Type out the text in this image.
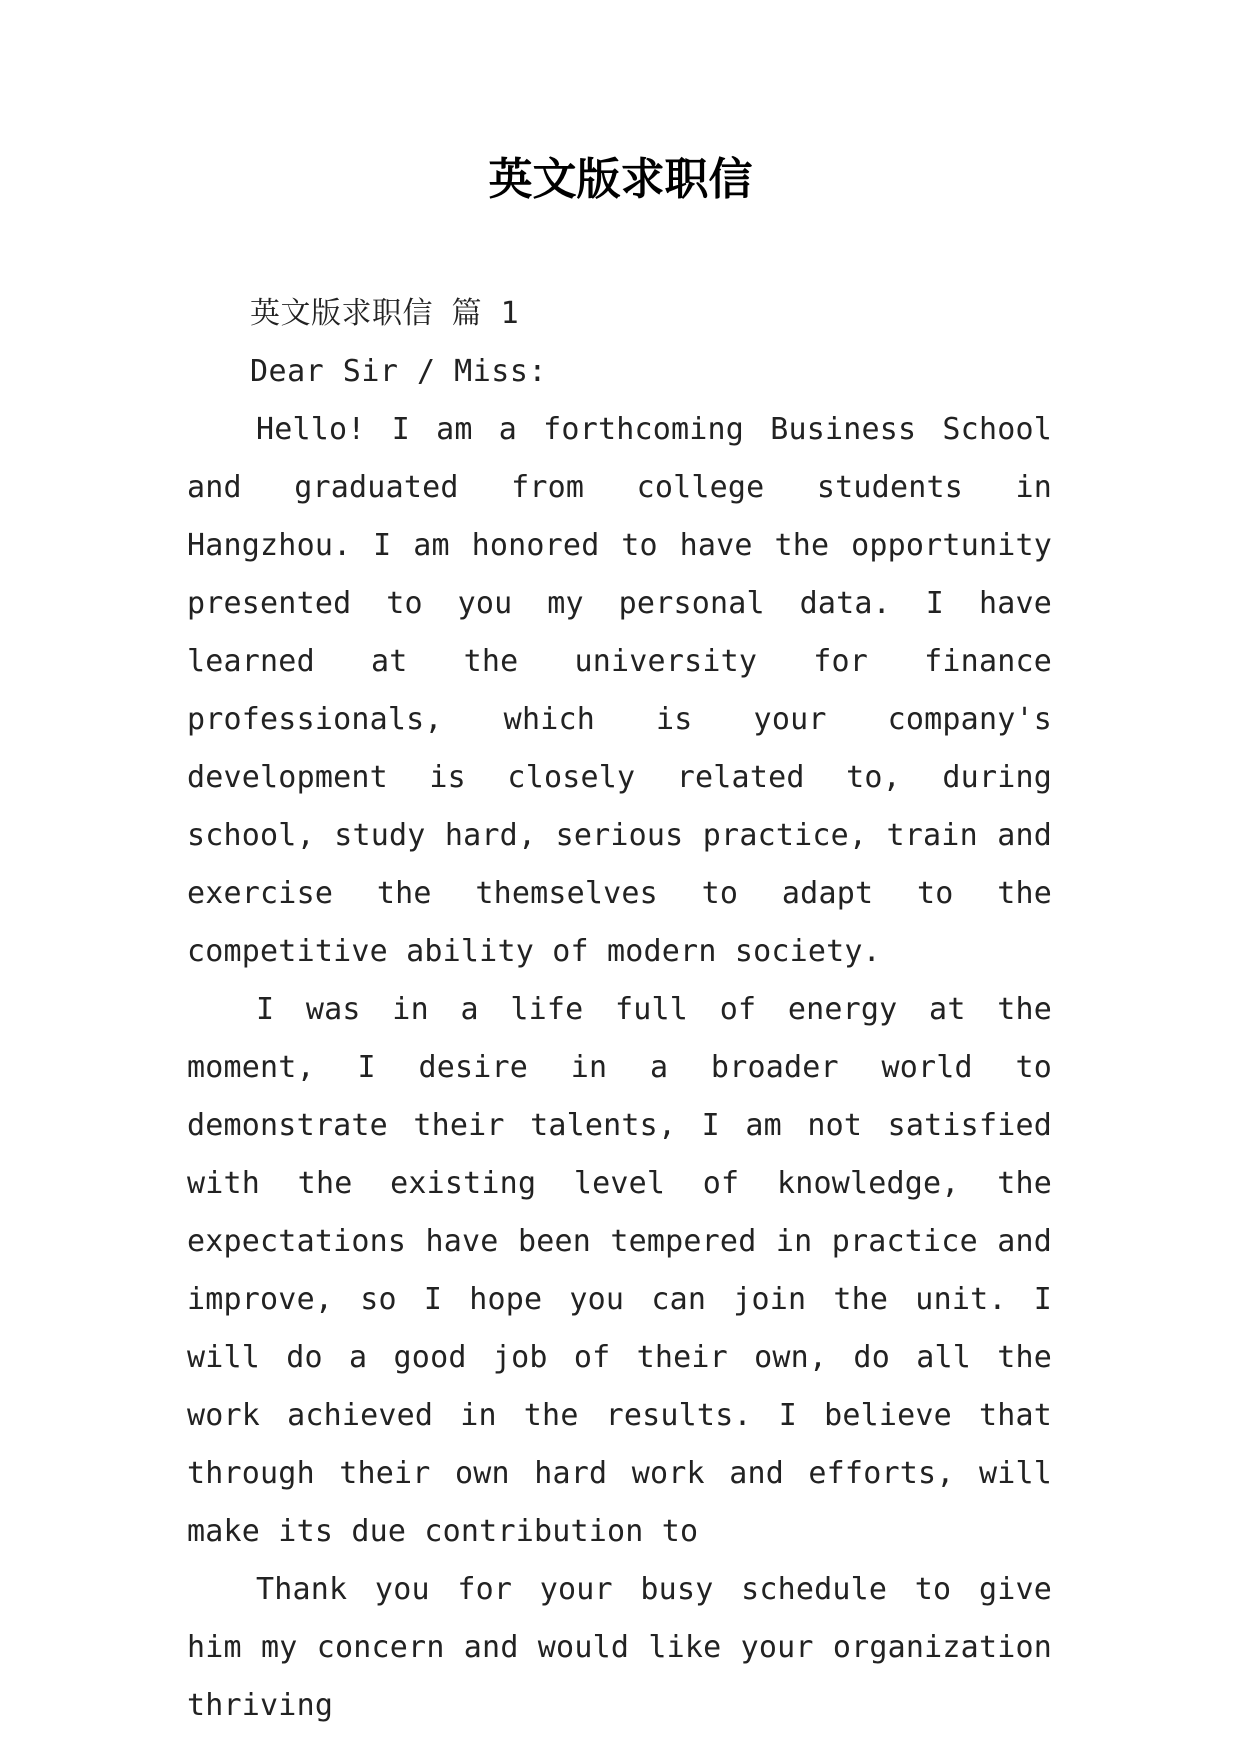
英文版求职信

英文版求职信 篇 1

Dear Sir / Miss:

Hello! I am a forthcoming Business School and graduated from college students in Hangzhou. I am honored to have the opportunity presented to you my personal data. I have learned at the university for finance professionals, which is your company's development is closely related to, during school, study hard, serious practice, train and exercise the themselves to adapt to the competitive ability of modern society.

I was in a life full of energy at the moment, I desire in a broader world to demonstrate their talents, I am not satisfied with the existing level of knowledge, the expectations have been tempered in practice and improve, so I hope you can join the unit. I will do a good job of their own, do all the work achieved in the results. I believe that through their own hard work and efforts, will make its due contribution to

Thank you for your busy schedule to give him my concern and would like your organization thriving
